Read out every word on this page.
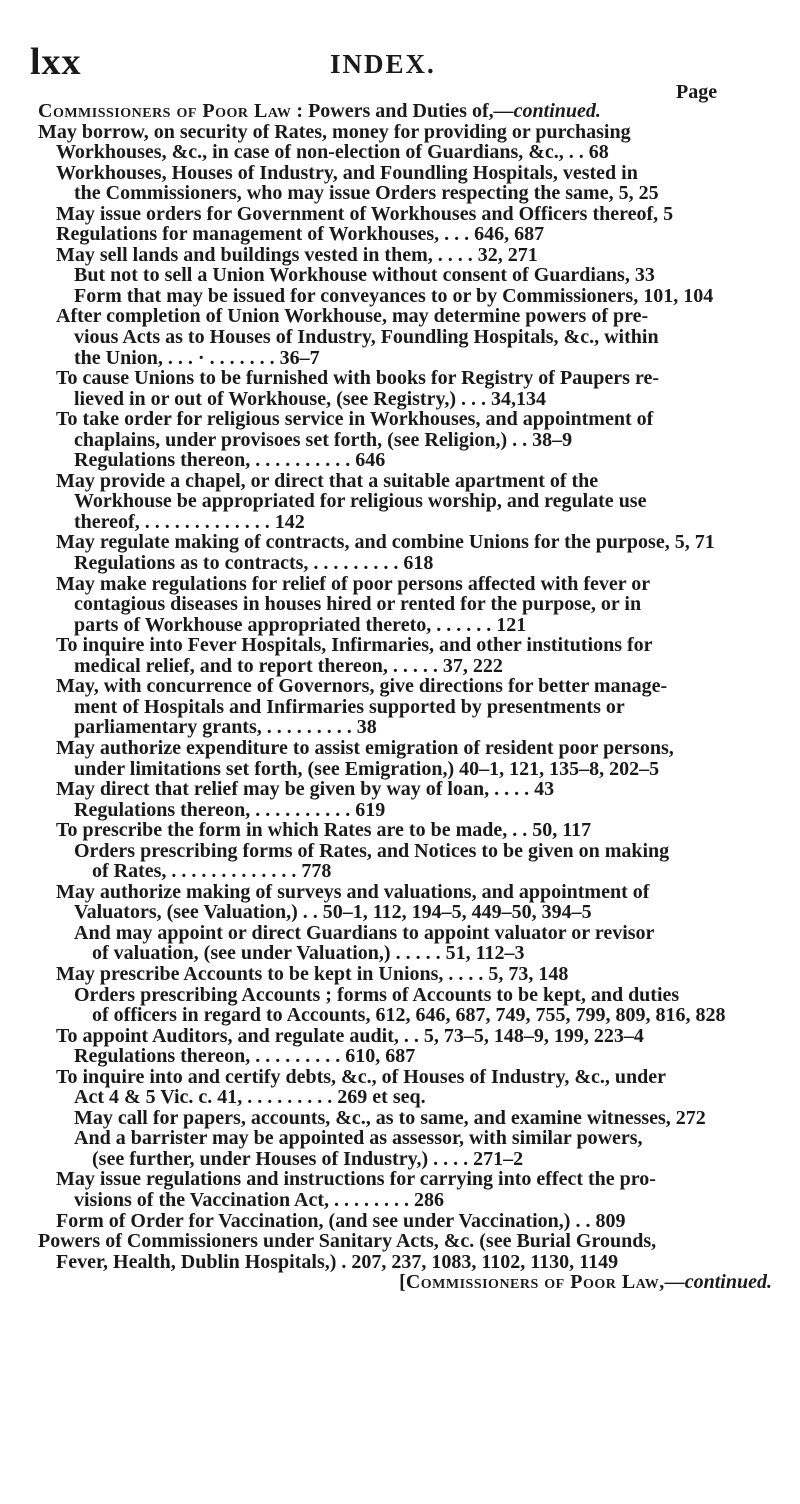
lxx	INDEX.
Page
Commissioners of Poor Law : Powers and Duties of,—continued.
May borrow, on security of Rates, money for providing or purchasing
Workhouses, &c., in case of non-election of Guardians, &c., . . 68
Workhouses, Houses of Industry, and Foundling Hospitals, vested in
the Commissioners, who may issue Orders respecting the same, 5, 25
May issue orders for Government of Workhouses and Officers thereof, 5
Regulations for management of Workhouses, . . . 646, 687
May sell lands and buildings vested in them, . . . . 32, 271
But not to sell a Union Workhouse without consent of Guardians, 33
Form that may be issued for conveyances to or by Commissioners, 101, 104
After completion of Union Workhouse, may determine powers of pre-
vious Acts as to Houses of Industry, Foundling Hospitals, &c., within
the Union, . . . · . . . . . . . 36–7
To cause Unions to be furnished with books for Registry of Paupers re-
lieved in or out of Workhouse, (see Registry,) . . . 34,134
To take order for religious service in Workhouses, and appointment of
chaplains, under provisoes set forth, (see Religion,) . . 38–9
Regulations thereon, . . . . . . . . . . 646
May provide a chapel, or direct that a suitable apartment of the
Workhouse be appropriated for religious worship, and regulate use
thereof, . . . . . . . . . . . . . 142
May regulate making of contracts, and combine Unions for the purpose, 5, 71
Regulations as to contracts, . . . . . . . . . 618
May make regulations for relief of poor persons affected with fever or
contagious diseases in houses hired or rented for the purpose, or in
parts of Workhouse appropriated thereto, . . . . . . 121
To inquire into Fever Hospitals, Infirmaries, and other institutions for
medical relief, and to report thereon, . . . . . 37, 222
May, with concurrence of Governors, give directions for better manage-
ment of Hospitals and Infirmaries supported by presentments or
parliamentary grants, . . . . . . . . . 38
May authorize expenditure to assist emigration of resident poor persons,
under limitations set forth, (see Emigration,) 40–1, 121, 135–8, 202–5
May direct that relief may be given by way of loan, . . . . 43
Regulations thereon, . . . . . . . . . . 619
To prescribe the form in which Rates are to be made, . . 50, 117
Orders prescribing forms of Rates, and Notices to be given on making
of Rates, . . . . . . . . . . . . . 778
May authorize making of surveys and valuations, and appointment of
Valuators, (see Valuation,) . . 50–1, 112, 194–5, 449–50, 394–5
And may appoint or direct Guardians to appoint valuator or revisor
of valuation, (see under Valuation,) . . . . . 51, 112–3
May prescribe Accounts to be kept in Unions, . . . . 5, 73, 148
Orders prescribing Accounts ; forms of Accounts to be kept, and duties
of officers in regard to Accounts, 612, 646, 687, 749, 755, 799, 809, 816, 828
To appoint Auditors, and regulate audit, . . 5, 73–5, 148–9, 199, 223–4
Regulations thereon, . . . . . . . . . 610, 687
To inquire into and certify debts, &c., of Houses of Industry, &c., under
Act 4 & 5 Vic. c. 41, . . . . . . . . . 269 et seq.
May call for papers, accounts, &c., as to same, and examine witnesses, 272
And a barrister may be appointed as assessor, with similar powers,
(see further, under Houses of Industry,) . . . . 271–2
May issue regulations and instructions for carrying into effect the pro-
visions of the Vaccination Act, . . . . . . . . 286
Form of Order for Vaccination, (and see under Vaccination,) . . 809
Powers of Commissioners under Sanitary Acts, &c. (see Burial Grounds,
Fever, Health, Dublin Hospitals,) . 207, 237, 1083, 1102, 1130, 1149
[Commissioners of Poor Law,—continued.
